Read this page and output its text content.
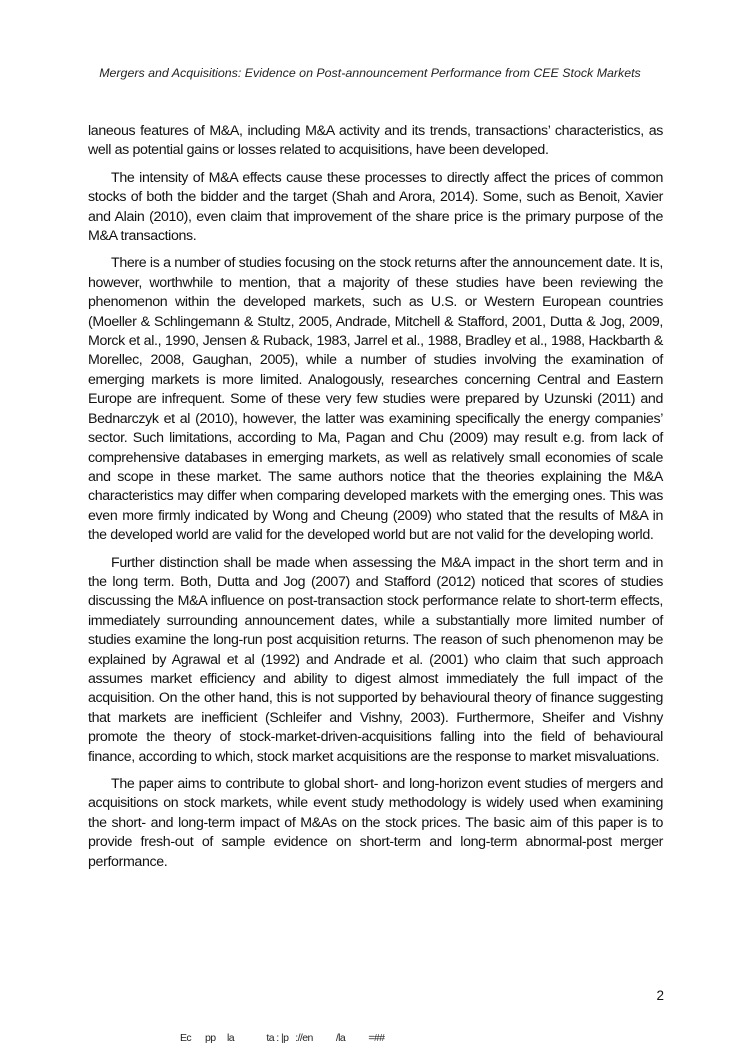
Mergers and Acquisitions: Evidence on Post-announcement Performance from CEE Stock Markets

laneous features of M&A, including M&A activity and its trends, transactions’ characteristics, as well as potential gains or losses related to acquisitions, have been developed.

The intensity of M&A effects cause these processes to directly affect the prices of common stocks of both the bidder and the target (Shah and Arora, 2014). Some, such as Benoit, Xavier and Alain (2010), even claim that improvement of the share price is the primary purpose of the M&A transactions.

There is a number of studies focusing on the stock returns after the announcement date. It is, however, worthwhile to mention, that a majority of these studies have been reviewing the phenomenon within the developed markets, such as U.S. or Western European countries (Moeller & Schlingemann & Stultz, 2005, Andrade, Mitchell & Stafford, 2001, Dutta & Jog, 2009, Morck et al., 1990, Jensen & Ruback, 1983, Jarrel et al., 1988, Bradley et al., 1988, Hackbarth & Morellec, 2008, Gaughan, 2005), while a number of studies involving the examination of emerging markets is more limited. Analogously, researches concerning Central and Eastern Europe are infrequent. Some of these very few studies were prepared by Uzunski (2011) and Bednarczyk et al (2010), however, the latter was examining specifically the energy companies’ sector. Such limitations, according to Ma, Pagan and Chu (2009) may result e.g. from lack of comprehensive databases in emerging markets, as well as relatively small economies of scale and scope in these market. The same authors notice that the theories explaining the M&A characteristics may differ when comparing developed markets with the emerging ones. This was even more firmly indicated by Wong and Cheung (2009) who stated that the results of M&A in the developed world are valid for the developed world but are not valid for the developing world.

Further distinction shall be made when assessing the M&A impact in the short term and in the long term. Both, Dutta and Jog (2007) and Stafford (2012) noticed that scores of studies discussing the M&A influence on post-transaction stock performance relate to short-term effects, immediately surrounding announcement dates, while a substantially more limited number of studies examine the long-run post acquisition returns. The reason of such phenomenon may be explained by Agrawal et al (1992) and Andrade et al. (2001) who claim that such approach assumes market efficiency and ability to digest almost immediately the full impact of the acquisition. On the other hand, this is not supported by behavioural theory of finance suggesting that markets are inefficient (Schleifer and Vishny, 2003). Furthermore, Sheifer and Vishny promote the theory of stock-market-driven-acquisitions falling into the field of behavioural finance, according to which, stock market acquisitions are the response to market misvaluations.

The paper aims to contribute to global short- and long-horizon event studies of mergers and acquisitions on stock markets, while event study methodology is widely used when examining the short- and long-term impact of M&As on the stock prices. The basic aim of this paper is to provide fresh-out of sample evidence on short-term and long-term abnormal-post merger performance.

2
Ec      pp     la              ta : |p   ://en          /la          =##
